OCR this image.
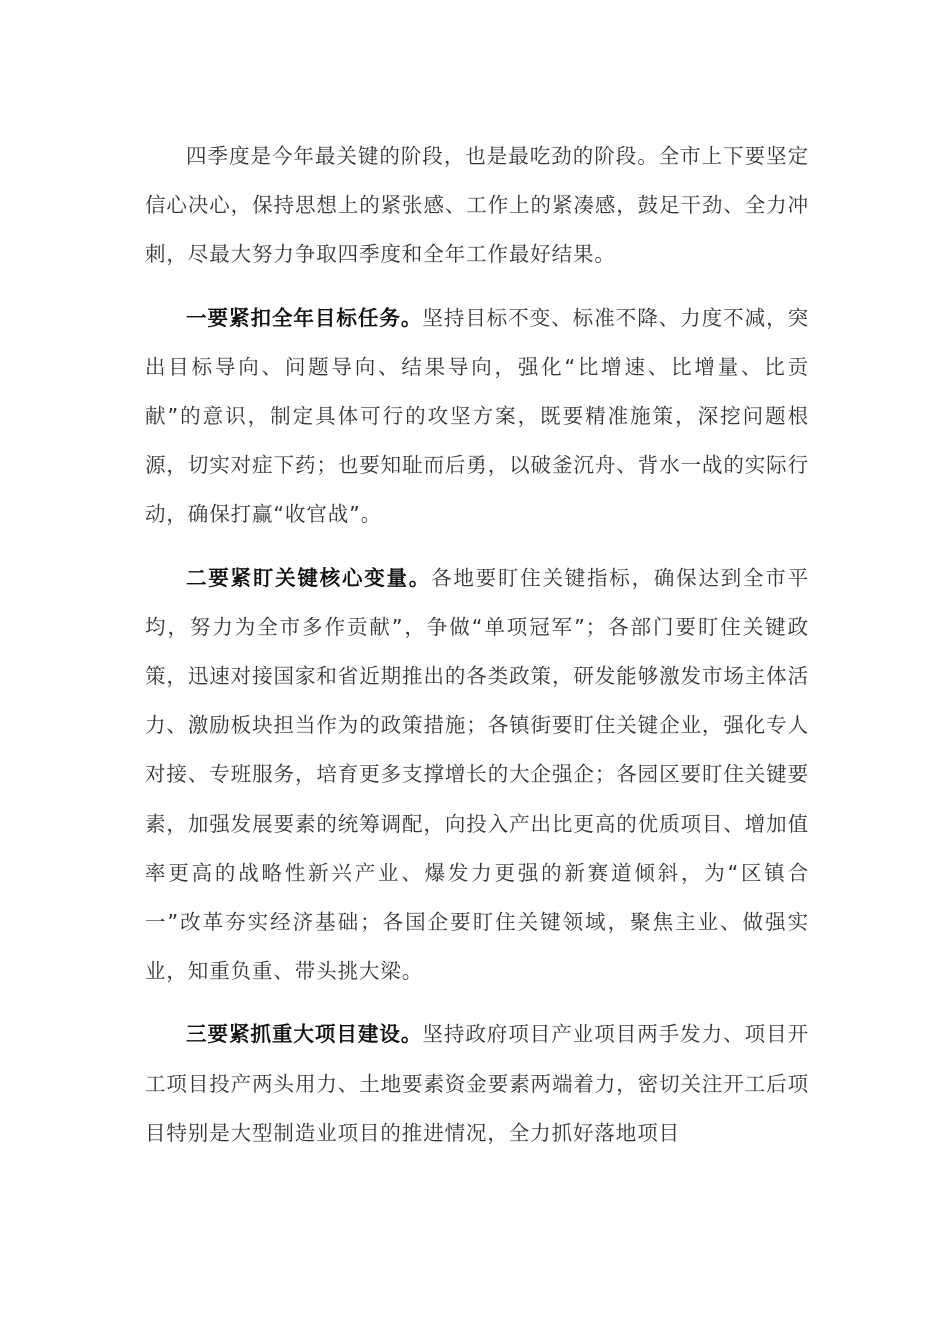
四季度是今年最关键的阶段，也是最吃劲的阶段。全市上下要坚定信心决心，保持思想上的紧张感、工作上的紧凑感，鼓足干劲、全力冲刺，尽最大努力争取四季度和全年工作最好结果。

一要紧扣全年目标任务。坚持目标不变、标准不降、力度不减，突出目标导向、问题导向、结果导向，强化“比增速、比增量、比贡献”的意识，制定具体可行的攻坚方案，既要精准施策，深挖问题根源，切实对症下药；也要知耻而后勇，以破釜沉舟、背水一战的实际行动，确保打赢“收官战”。

二要紧盯关键核心变量。各地要盯住关键指标，确保达到全市平均，努力为全市多作贡献”，争做“单项冠军”；各部门要盯住关键政策，迅速对接国家和省近期推出的各类政策，研发能够激发市场主体活力、激励板块担当作为的政策措施；各镇街要盯住关键企业，强化专人对接、专班服务，培育更多支撑增长的大企强企；各园区要盯住关键要素，加强发展要素的统筹调配，向投入产出比更高的优质项目、增加值率更高的战略性新兴产业、爆发力更强的新赛道倾斜，为“区镇合一”改革夯实经济基础；各国企要盯住关键领域，聚焦主业、做强实业，知重负重、带头挑大梁。

三要紧抓重大项目建设。坚持政府项目产业项目两手发力、项目开工项目投产两头用力、土地要素资金要素两端着力，密切关注开工后项目特别是大型制造业项目的推进情况，全力抓好落地项目
